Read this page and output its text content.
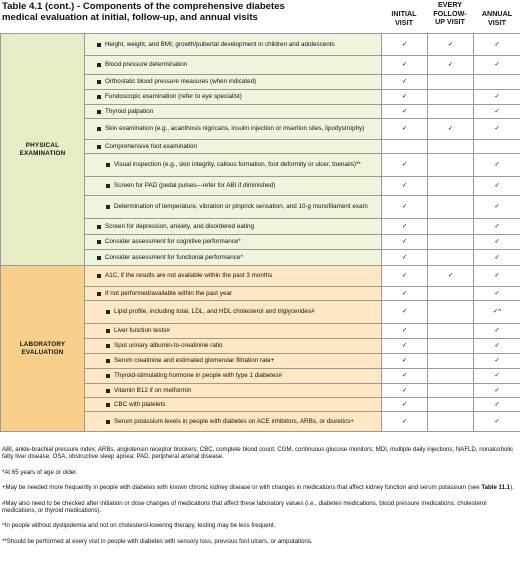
Table 4.1 (cont.) - Components of the comprehensive diabetes
medical evaluation at initial, follow-up, and annual visits	INITIAL
VISIT
EVERY
FOLLOW-
UP VISIT
ANNUAL
VISIT
PHYSICAL
EXAMINATION	Height, weight, and BMI; growth/pubertal development in children and adolescents	✓	✓	✓

	Blood pressure determination	✓	✓	✓

	Orthostatic blood pressure measures (when indicated)	✓		

	Fundoscopic examination (refer to eye specialist)	✓		✓

	Thyroid palpation	✓		✓

	Skin examination (e.g., acanthosis nigricans, insulin injection or insertion sites, lipodystrophy)	✓	✓	✓

	Comprehensive foot examination			

	Visual inspection (e.g., skin integrity, callous formation, foot deformity or ulcer, toenails)**	✓		✓

	Screen for PAD (pedal pulses—refer for ABI if diminished)	✓		✓

	Determination of temperature, vibration or pinprick sensation, and 10-g monofilament exam	✓		✓

	Screen for depression, anxiety, and disordered eating	✓		✓

	Consider assessment for cognitive performance*	✓		✓

	Consider assessment for functional performance*	✓		✓

LABORATORY
EVALUATION	A1C, if the results are not available within the past 3 months	✓	✓	✓

	If not performed/available within the past year	✓		✓

	Lipid profile, including total, LDL, and HDL cholesterol and triglycerides#	✓		✓^

	Liver function tests#	✓		✓

	Spot urinary albumin-to-creatinine ratio	✓		✓

	Serum creatinine and estimated glomerular filtration rate+	✓		✓

	Thyroid-stimulating hormone in people with type 1 diabetes#	✓		✓

	Vitamin B12 if on metformin	✓		✓

	CBC with platelets	✓		✓

	Serum potassium levels in people with diabetes on ACE inhibitors, ARBs, or diuretics+	✓		✓

ABI, ankle-brachial pressure index; ARBs, angiotensin receptor blockers; CBC, complete blood count; CGM, continuous glucose monitors; MDI, multiple daily injections; NAFLD, nonalcoholic fatty liver disease; OSA, obstructive sleep apnea; PAD, peripheral arterial disease.

*At 65 years of age or older.

+May be needed more frequently in people with diabetes with known chronic kidney disease or with changes in medications that affect kidney function and serum potassium (see Table 11.1).

#May also need to be checked after initiation or dose changes of medications that affect these laboratory values (i.e., diabetes medications, blood pressure medications, cholesterol medications, or thyroid medications).

^In people without dyslipidemia and not on cholesterol-lowering therapy, testing may be less frequent.

**Should be performed at every visit in people with diabetes with sensory loss, previous foot ulcers, or amputations.
